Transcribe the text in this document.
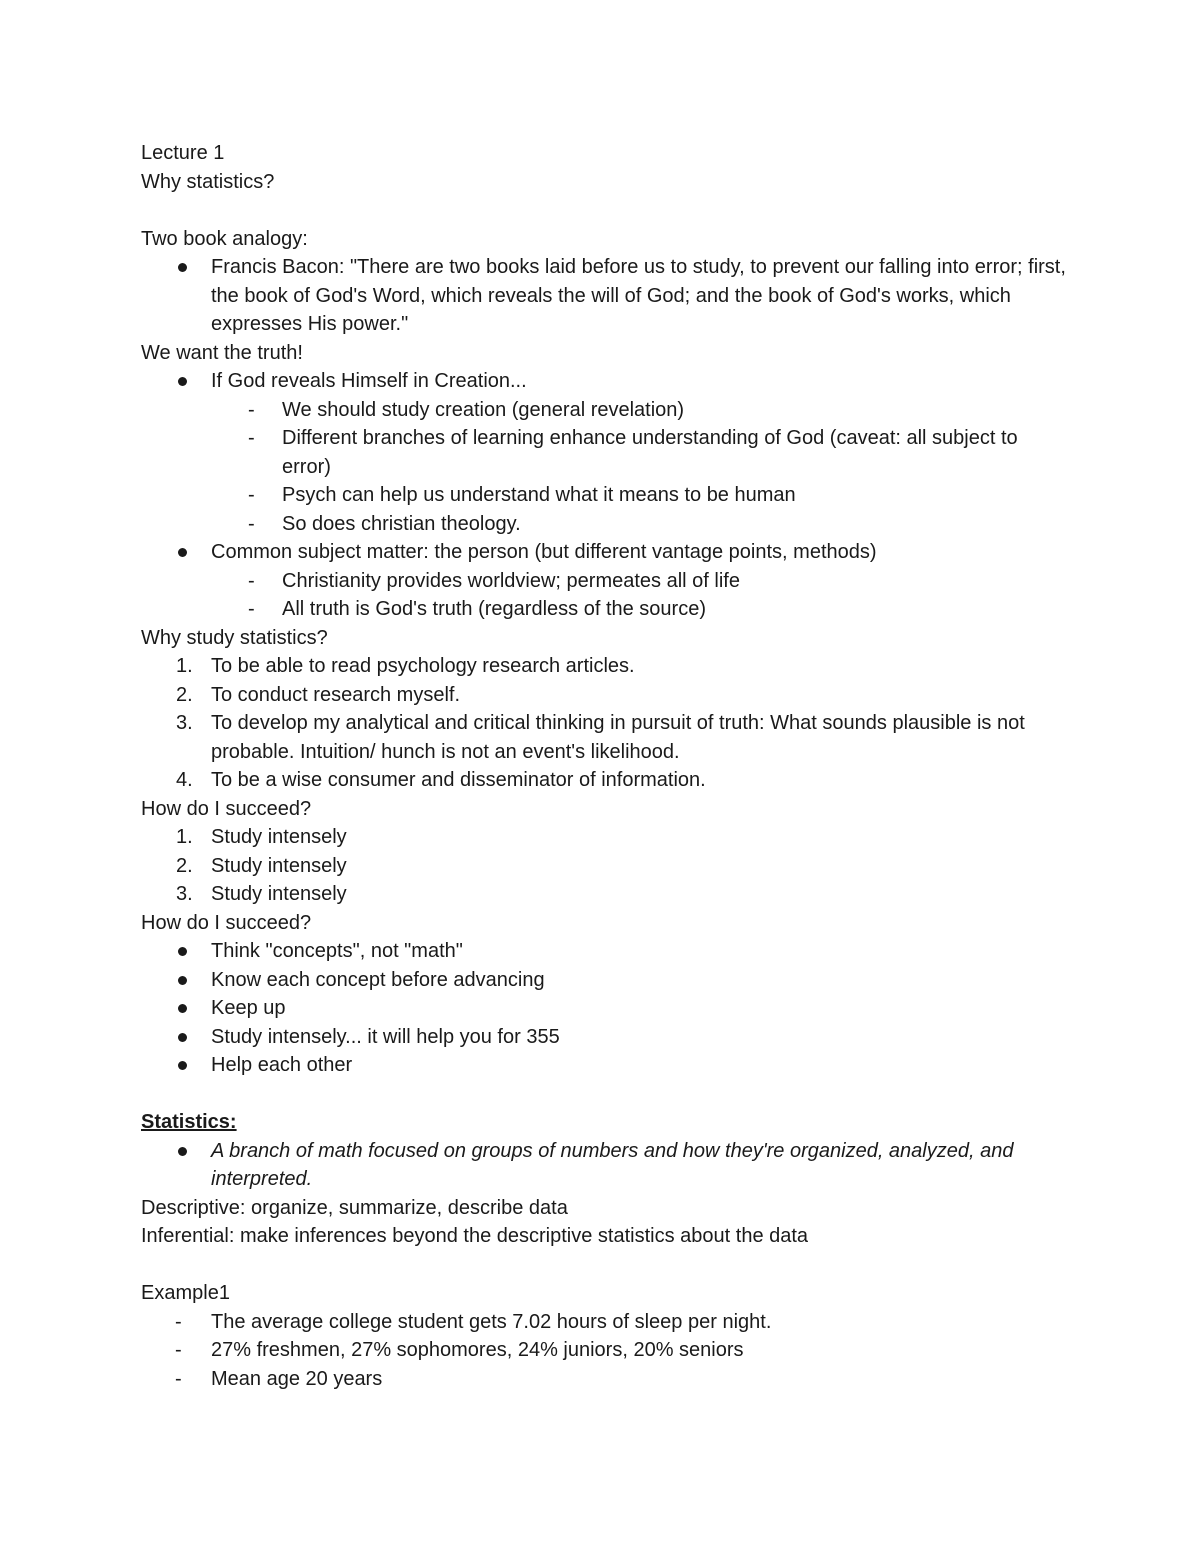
Lecture 1
Why statistics?
Two book analogy:
Francis Bacon: "There are two books laid before us to study, to prevent our falling into error; first, the book of God's Word, which reveals the will of God; and the book of God's works, which expresses His power."
We want the truth!
If God reveals Himself in Creation...
- We should study creation (general revelation)
- Different branches of learning enhance understanding of God (caveat: all subject to error)
- Psych can help us understand what it means to be human
- So does christian theology.
Common subject matter: the person (but different vantage points, methods)
- Christianity provides worldview; permeates all of life
- All truth is God's truth (regardless of the source)
Why study statistics?
1. To be able to read psychology research articles.
2. To conduct research myself.
3. To develop my analytical and critical thinking in pursuit of truth: What sounds plausible is not probable. Intuition/ hunch is not an event's likelihood.
4. To be a wise consumer and disseminator of information.
How do I succeed?
1. Study intensely
2. Study intensely
3. Study intensely
How do I succeed?
Think "concepts", not "math"
Know each concept before advancing
Keep up
Study intensely... it will help you for 355
Help each other
Statistics:
A branch of math focused on groups of numbers and how they're organized, analyzed, and interpreted.
Descriptive: organize, summarize, describe data
Inferential: make inferences beyond the descriptive statistics about the data
Example1
- The average college student gets 7.02 hours of sleep per night.
- 27% freshmen, 27% sophomores, 24% juniors, 20% seniors
- Mean age 20 years
